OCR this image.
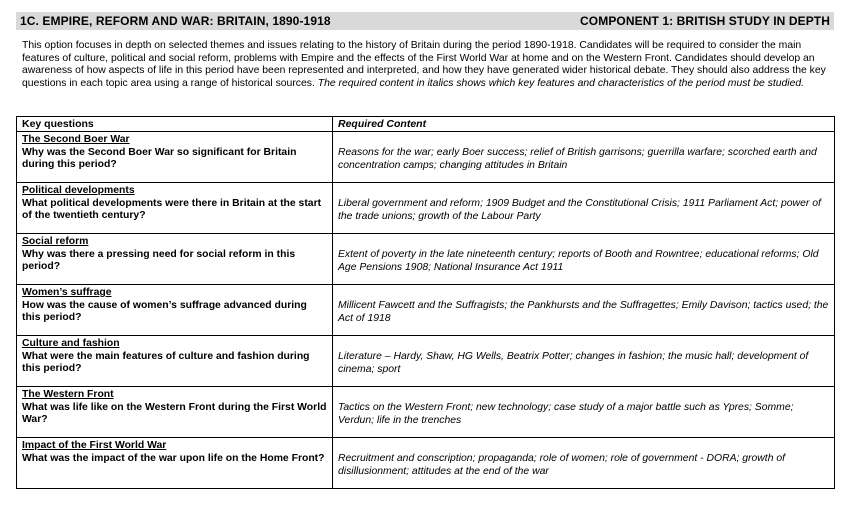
1C. EMPIRE, REFORM AND WAR: BRITAIN, 1890-1918	COMPONENT 1: BRITISH STUDY IN DEPTH

This option focuses in depth on selected themes and issues relating to the history of Britain during the period 1890-1918. Candidates will be required to consider the main features of culture, political and social reform, problems with Empire and the effects of the First World War at home and on the Western Front. Candidates should develop an awareness of how aspects of life in this period have been represented and interpreted, and how they have generated wider historical debate. They should also address the key questions in each topic area using a range of historical sources. The required content in italics shows which key features and characteristics of the period must be studied.

Key questions	Required Content

The Second Boer War
Why was the Second Boer War so significant for Britain during this period?	Reasons for the war; early Boer success; relief of British garrisons; guerrilla warfare; scorched earth and concentration camps; changing attitudes in Britain

Political developments
What political developments were there in Britain at the start of the twentieth century?	Liberal government and reform; 1909 Budget and the Constitutional Crisis; 1911 Parliament Act; power of the trade unions; growth of the Labour Party

Social reform
Why was there a pressing need for social reform in this period?	Extent of poverty in the late nineteenth century; reports of Booth and Rowntree; educational reforms; Old Age Pensions 1908; National Insurance Act 1911

Women’s suffrage
How was the cause of women’s suffrage advanced during this period?	Millicent Fawcett and the Suffragists; the Pankhursts and the Suffragettes; Emily Davison; tactics used; the Act of 1918

Culture and fashion
What were the main features of culture and fashion during this period?	Literature – Hardy, Shaw, HG Wells, Beatrix Potter; changes in fashion; the music hall; development of cinema; sport

The Western Front
What was life like on the Western Front during the First World War?	Tactics on the Western Front; new technology; case study of a major battle such as Ypres; Somme; Verdun; life in the trenches

Impact of the First World War
What was the impact of the war upon life on the Home Front?	Recruitment and conscription; propaganda; role of women; role of government - DORA; growth of disillusionment; attitudes at the end of the war
